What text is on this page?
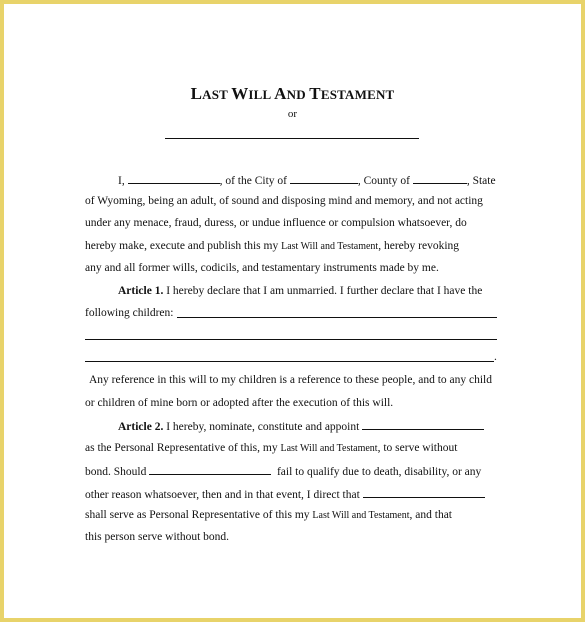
LAST WILL AND TESTAMENT
or
I,	, of the City of	, County of	, State
of Wyoming, being an adult, of sound and disposing mind and memory, and not acting
under any menace, fraud, duress, or undue influence or compulsion whatsoever, do
hereby make, execute and publish this my Last Will and Testament, hereby revoking
any and all former wills, codicils, and testamentary instruments made by me.
Article 1. I hereby declare that I am unmarried. I further declare that I have the
following children:
.
Any reference in this will to my children is a reference to these people, and to any child
or children of mine born or adopted after the execution of this will.
Article 2. I hereby, nominate, constitute and appoint
as the Personal Representative of this, my Last Will and Testament, to serve without
bond. Should	fail to qualify due to death, disability, or any
other reason whatsoever, then and in that event, I direct that
shall serve as Personal Representative of this my Last Will and Testament, and that
this person serve without bond.
